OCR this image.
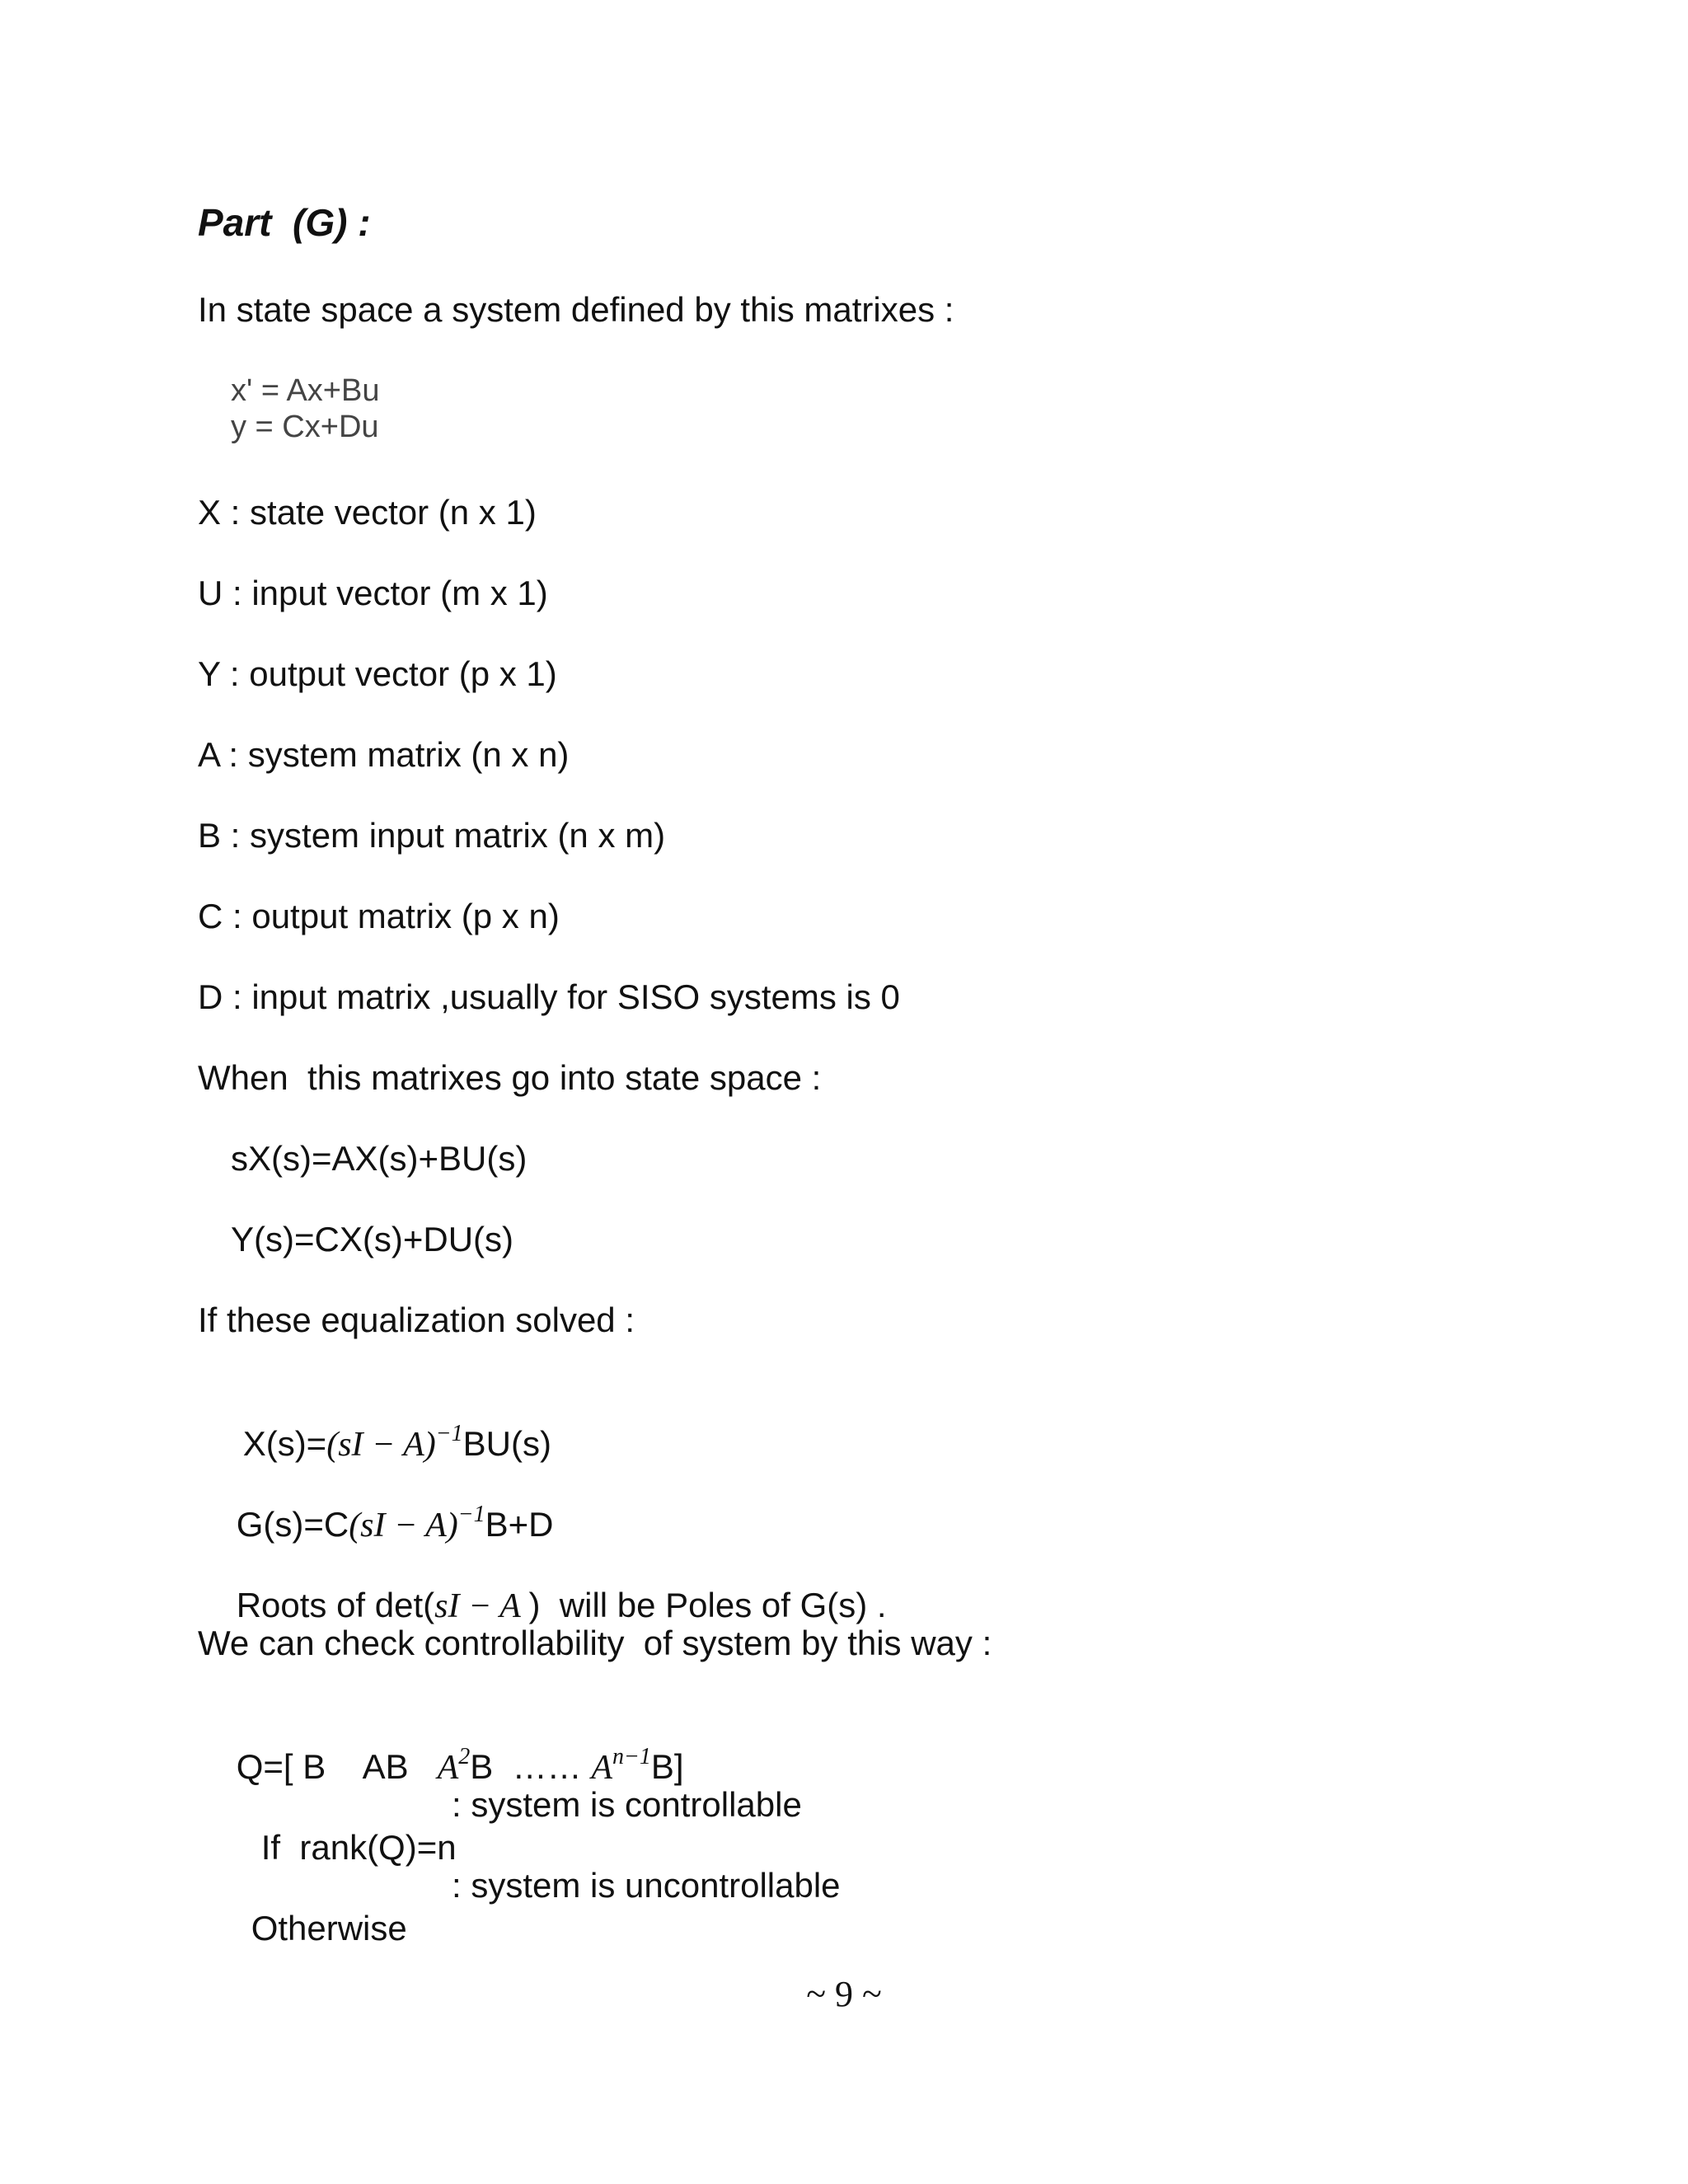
Part  (G) :
In state space a system defined by this matrixes :
x' = Ax+Bu
y = Cx+Du
X : state vector (n x 1)
U : input vector (m x 1)
Y : output vector (p x 1)
A : system matrix (n x n)
B : system input matrix (n x m)
C : output matrix (p x n)
D : input matrix ,usually for SISO systems is 0
When  this matrixes go into state space :
sX(s)=AX(s)+BU(s)
Y(s)=CX(s)+DU(s)
If these equalization solved :

X(s)=(sI − A)$^{-1}$BU(s)

G(s)=C(sI − A)$^{-1}$B+D

Roots of det(sI − A )  will be Poles of G(s) .

We can check controllability  of system by this way :

Q=[ B    AB   $A^2B$  …… $A^{n-1}B$]

If  rank(Q)=n

: system is controllable

Otherwise

: system is uncontrollable
~ 9 ~
